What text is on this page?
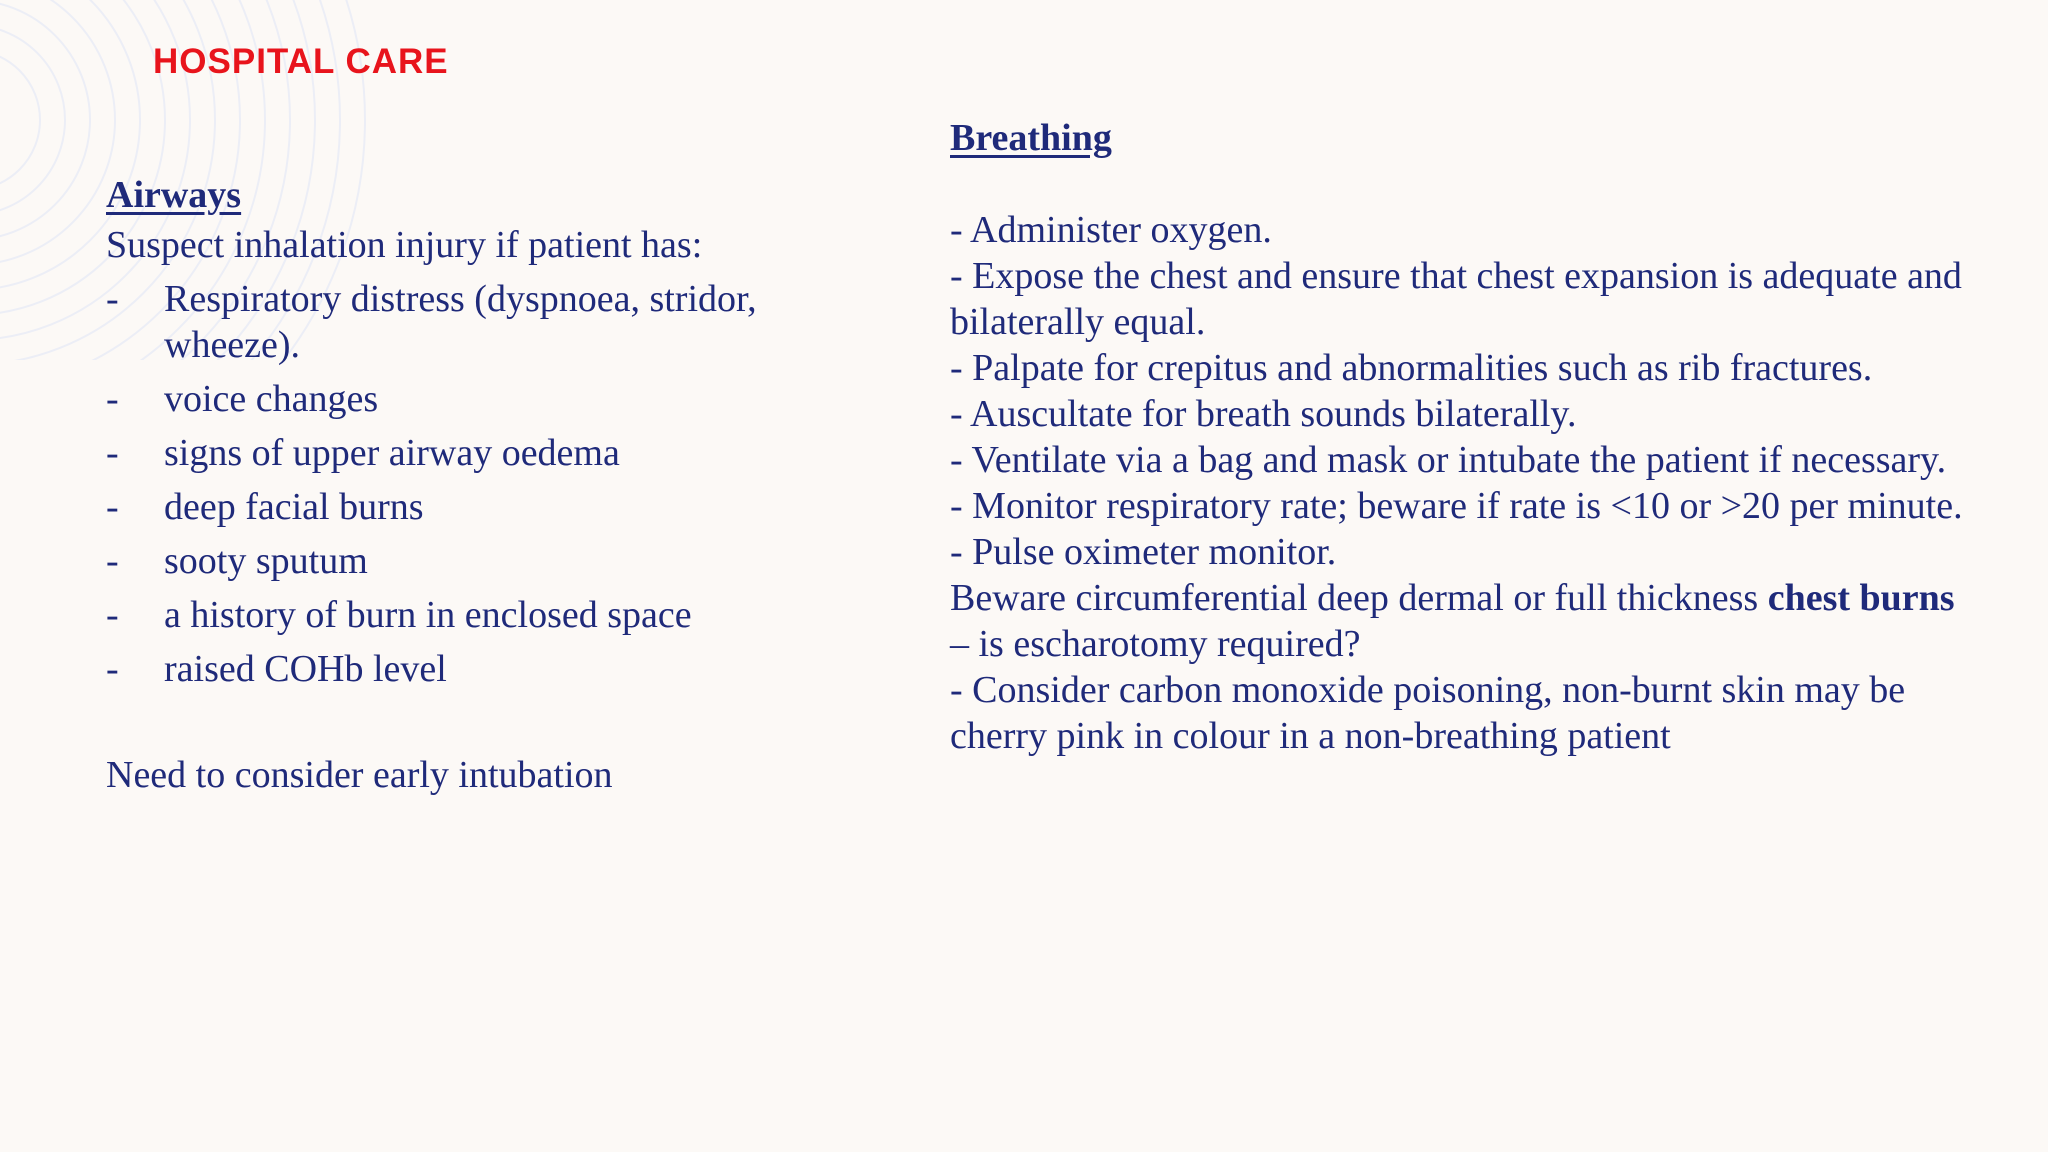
HOSPITAL CARE
Airways

Suspect inhalation injury if patient has:

- Respiratory distress (dyspnoea, stridor, wheeze).
- voice changes
- signs of upper airway oedema
- deep facial burns
- sooty sputum
- a history of burn in enclosed space
- raised COHb level

Need to consider early intubation

Breathing

- Administer oxygen.

- Expose the chest and ensure that chest expansion is adequate and bilaterally equal.

- Palpate for crepitus and abnormalities such as rib fractures.

- Auscultate for breath sounds bilaterally.

- Ventilate via a bag and mask or intubate the patient if necessary.

- Monitor respiratory rate; beware if rate is <10 or >20 per minute.

- Pulse oximeter monitor.

Beware circumferential deep dermal or full thickness chest burns – is escharotomy required?

- Consider carbon monoxide poisoning, non-burnt skin may be cherry pink in colour in a non-breathing patient
